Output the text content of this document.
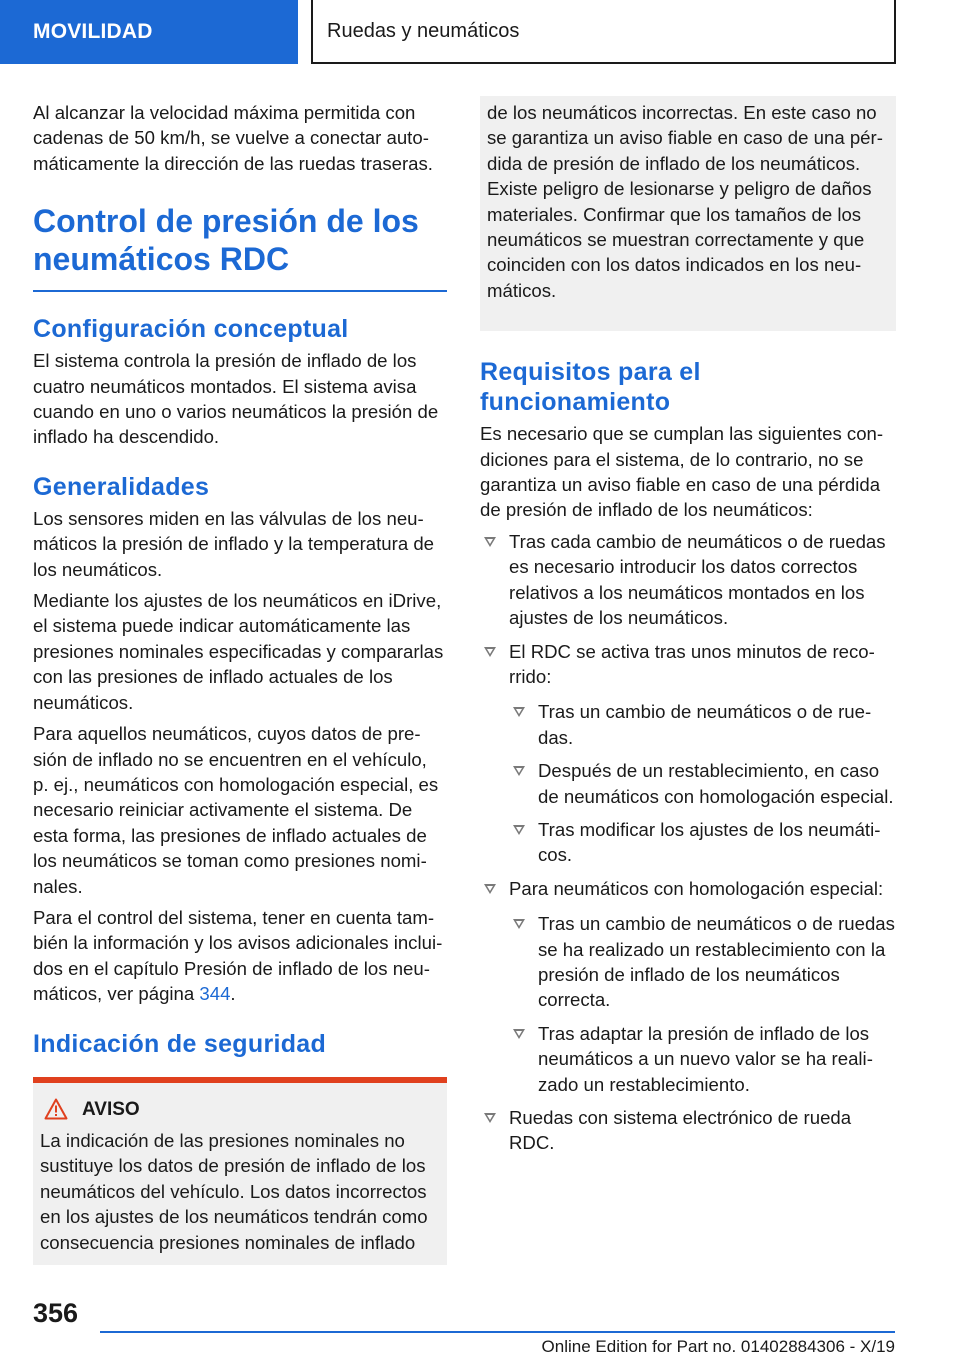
MOVILIDAD	Ruedas y neumáticos

Al alcanzar la velocidad máxima permitida con cadenas de 50 km/h, se vuelve a conectar automáticamente la dirección de las ruedas traseras.

Control de presión de los neumáticos RDC
Configuración conceptual

El sistema controla la presión de inflado de los cuatro neumáticos montados. El sistema avisa cuando en uno o varios neumáticos la presión de inflado ha descendido.

Generalidades

Los sensores miden en las válvulas de los neumáticos la presión de inflado y la temperatura de los neumáticos.

Mediante los ajustes de los neumáticos en iDrive, el sistema puede indicar automáticamente las presiones nominales especificadas y compararlas con las presiones de inflado actuales de los neumáticos.

Para aquellos neumáticos, cuyos datos de presión de inflado no se encuentren en el vehículo, p. ej., neumáticos con homologación especial, es necesario reiniciar activamente el sistema. De esta forma, las presiones de inflado actuales de los neumáticos se toman como presiones nominales.

Para el control del sistema, tener en cuenta también la información y los avisos adicionales incluidos en el capítulo Presión de inflado de los neumáticos, ver página 344.

Indicación de seguridad
AVISO

La indicación de las presiones nominales no sustituye los datos de presión de inflado de los neumáticos del vehículo. Los datos incorrectos en los ajustes de los neumáticos tendrán como consecuencia presiones nominales de inflado

de los neumáticos incorrectas. En este caso no se garantiza un aviso fiable en caso de una pérdida de presión de inflado de los neumáticos. Existe peligro de lesionarse y peligro de daños materiales. Confirmar que los tamaños de los neumáticos se muestran correctamente y que coinciden con los datos indicados en los neumáticos.

Requisitos para el funcionamiento

Es necesario que se cumplan las siguientes condiciones para el sistema, de lo contrario, no se garantiza un aviso fiable en caso de una pérdida de presión de inflado de los neumáticos:

Tras cada cambio de neumáticos o de ruedas es necesario introducir los datos correctos relativos a los neumáticos montados en los ajustes de los neumáticos.
El RDC se activa tras unos minutos de recorrido:
Tras un cambio de neumáticos o de ruedas.
Después de un restablecimiento, en caso de neumáticos con homologación especial.
Tras modificar los ajustes de los neumáticos.
Para neumáticos con homologación especial:
Tras un cambio de neumáticos o de ruedas se ha realizado un restablecimiento con la presión de inflado de los neumáticos correcta.
Tras adaptar la presión de inflado de los neumáticos a un nuevo valor se ha realizado un restablecimiento.
Ruedas con sistema electrónico de rueda RDC.
356
Online Edition for Part no. 01402884306 - X/19
